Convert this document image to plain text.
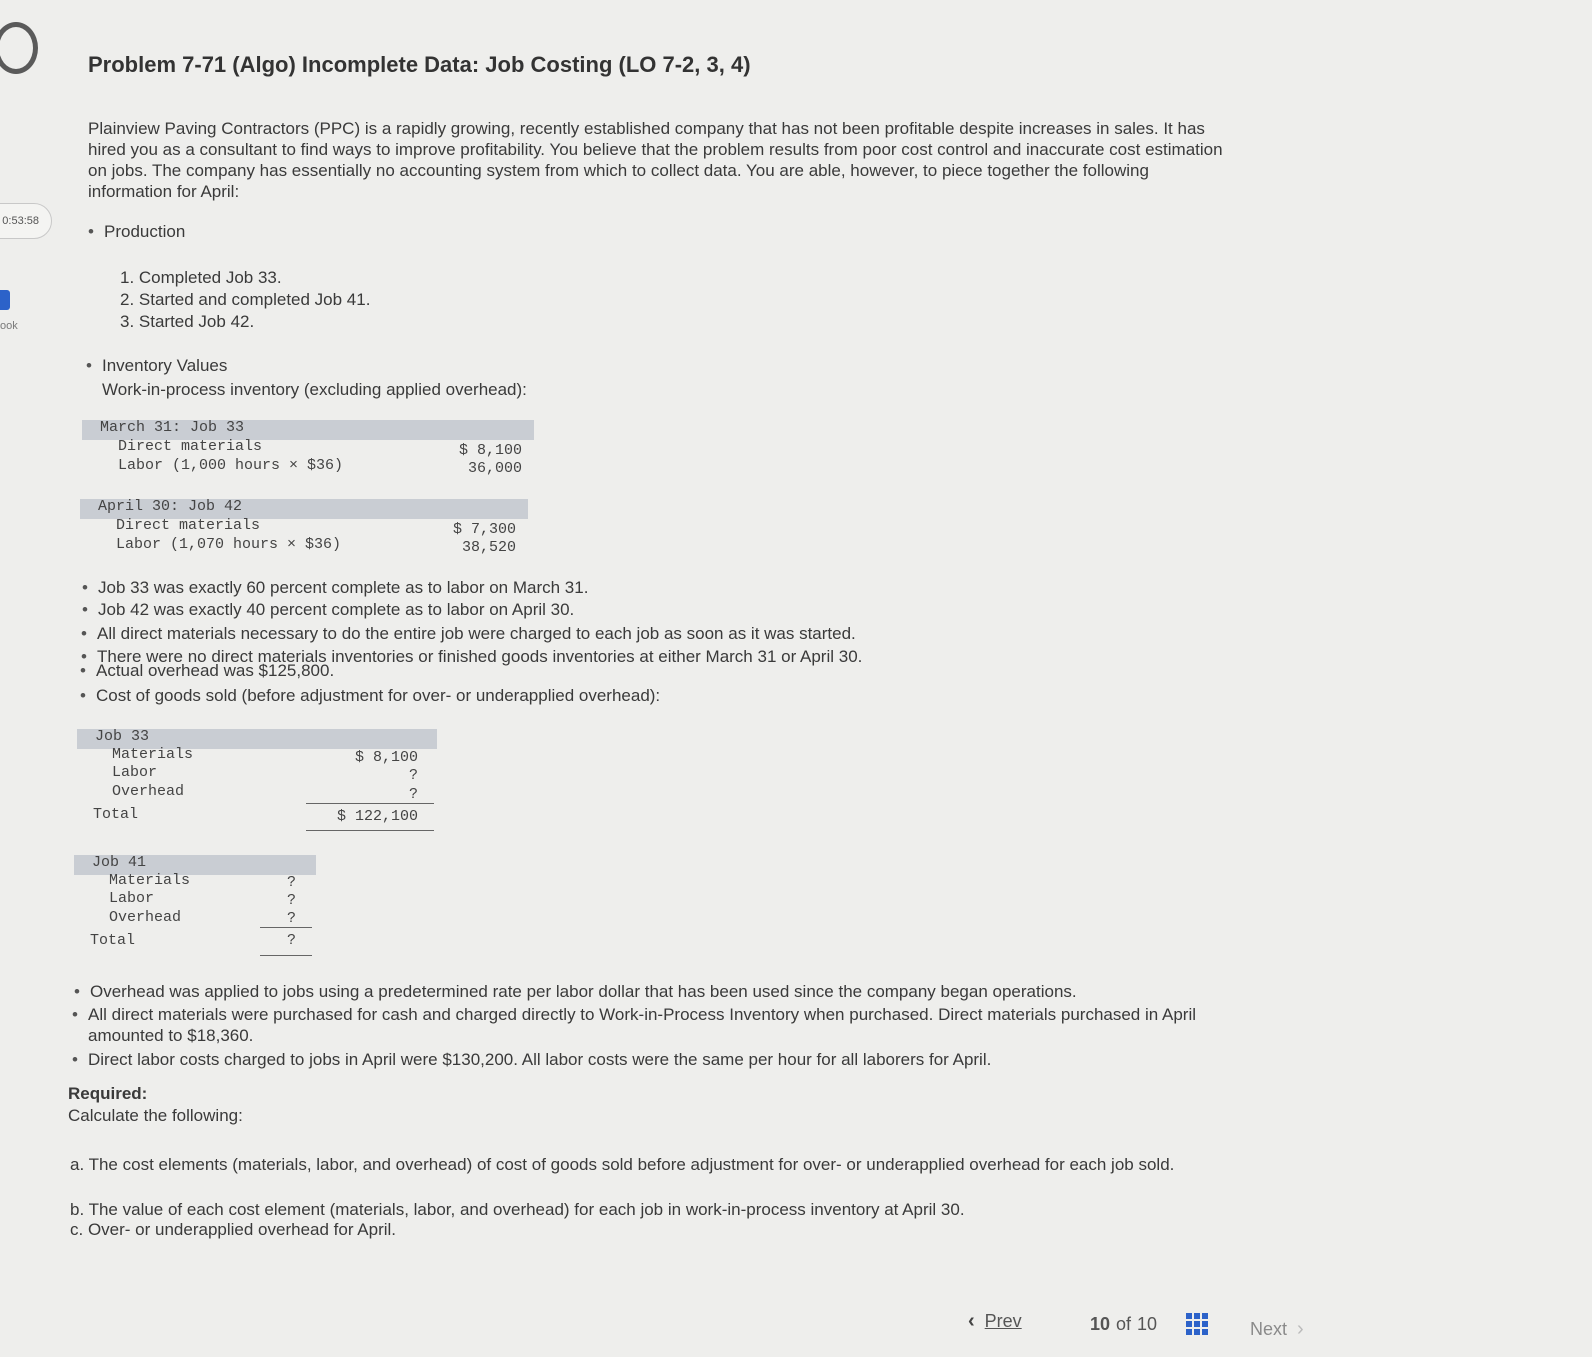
0:53:58
ook
Problem 7-71 (Algo) Incomplete Data: Job Costing (LO 7-2, 3, 4)
Plainview Paving Contractors (PPC) is a rapidly growing, recently established company that has not been profitable despite increases in sales. It has hired you as a consultant to find ways to improve profitability. You believe that the problem results from poor cost control and inaccurate cost estimation on jobs. The company has essentially no accounting system from which to collect data. You are able, however, to piece together the following information for April:
• Production
1. Completed Job 33.
2. Started and completed Job 41.
3. Started Job 42.
• Inventory Values
Work-in-process inventory (excluding applied overhead):
March 31: Job 33
Direct materials	$ 8,100
Labor (1,000 hours × $36)	36,000
April 30: Job 42
Direct materials	$ 7,300
Labor (1,070 hours × $36)	38,520
• Job 33 was exactly 60 percent complete as to labor on March 31.
• Job 42 was exactly 40 percent complete as to labor on April 30.
• All direct materials necessary to do the entire job were charged to each job as soon as it was started.
• There were no direct materials inventories or finished goods inventories at either March 31 or April 30.
• Actual overhead was $125,800.
• Cost of goods sold (before adjustment for over- or underapplied overhead):
Job 33
Materials	$ 8,100
Labor	?
Overhead	?
Total	$ 122,100
Job 41
Materials	?
Labor	?
Overhead	?
Total	?
• Overhead was applied to jobs using a predetermined rate per labor dollar that has been used since the company began operations.
• All direct materials were purchased for cash and charged directly to Work-in-Process Inventory when purchased. Direct materials purchased in April amounted to $18,360.
• Direct labor costs charged to jobs in April were $130,200. All labor costs were the same per hour for all laborers for April.
Required:
Calculate the following:
a. The cost elements (materials, labor, and overhead) of cost of goods sold before adjustment for over- or underapplied overhead for each job sold.
b. The value of each cost element (materials, labor, and overhead) for each job in work-in-process inventory at April 30.
c. Over- or underapplied overhead for April.
‹ Prev	10 of 10	Next ›
